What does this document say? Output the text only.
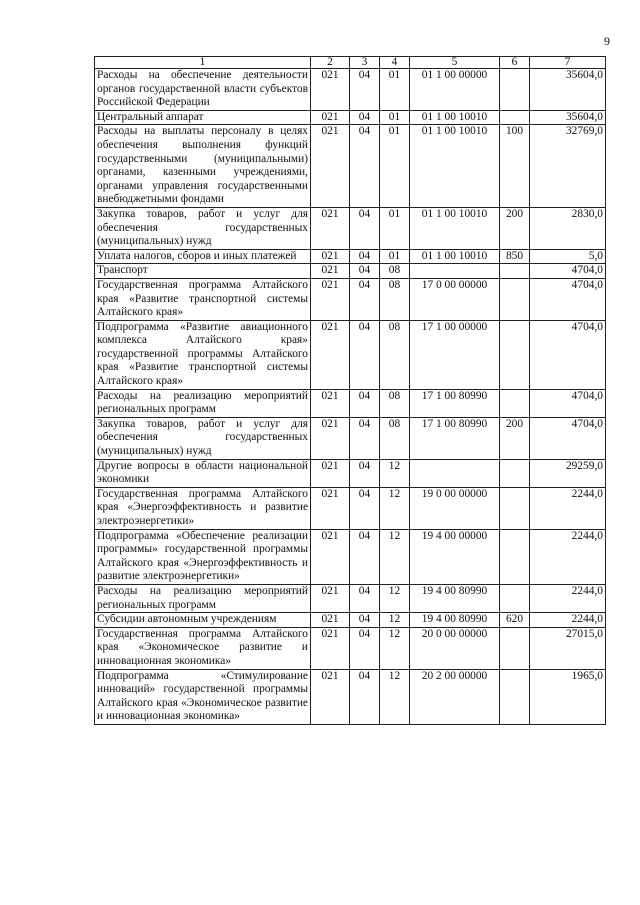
9
1	2	3	4	5	6	7
Расходы на обеспечение деятельности органов государственной власти субъектов Российской Федерации	021	04	01	01 1 00 00000		35604,0
Центральный аппарат	021	04	01	01 1 00 10010		35604,0
Расходы на выплаты персоналу в целях обеспечения выполнения функций государственными (муниципальными) органами, казенными учреждениями, органами управления государственными внебюджетными фондами	021	04	01	01 1 00 10010	100	32769,0
Закупка товаров, работ и услуг для обеспечения государственных (муниципальных) нужд	021	04	01	01 1 00 10010	200	2830,0
Уплата налогов, сборов и иных платежей	021	04	01	01 1 00 10010	850	5,0
Транспорт	021	04	08			4704,0
Государственная программа Алтайского края «Развитие транспортной системы Алтайского края»	021	04	08	17 0 00 00000		4704,0
Подпрограмма «Развитие авиационного комплекса Алтайского края» государственной программы Алтайского края «Развитие транспортной системы Алтайского края»	021	04	08	17 1 00 00000		4704,0
Расходы на реализацию мероприятий региональных программ	021	04	08	17 1 00 80990		4704,0
Закупка товаров, работ и услуг для обеспечения государственных (муниципальных) нужд	021	04	08	17 1 00 80990	200	4704,0
Другие вопросы в области национальной экономики	021	04	12			29259,0
Государственная программа Алтайского края «Энергоэффективность и развитие электроэнергетики»	021	04	12	19 0 00 00000		2244,0
Подпрограмма «Обеспечение реализации программы» государственной программы Алтайского края «Энергоэффективность и развитие электроэнергетики»	021	04	12	19 4 00 00000		2244,0
Расходы на реализацию мероприятий региональных программ	021	04	12	19 4 00 80990		2244,0
Субсидии автономным учреждениям	021	04	12	19 4 00 80990	620	2244,0
Государственная программа Алтайского края «Экономическое развитие и инновационная экономика»	021	04	12	20 0 00 00000		27015,0
Подпрограмма «Стимулирование инноваций» государственной программы Алтайского края «Экономическое развитие и инновационная экономика»	021	04	12	20 2 00 00000		1965,0
